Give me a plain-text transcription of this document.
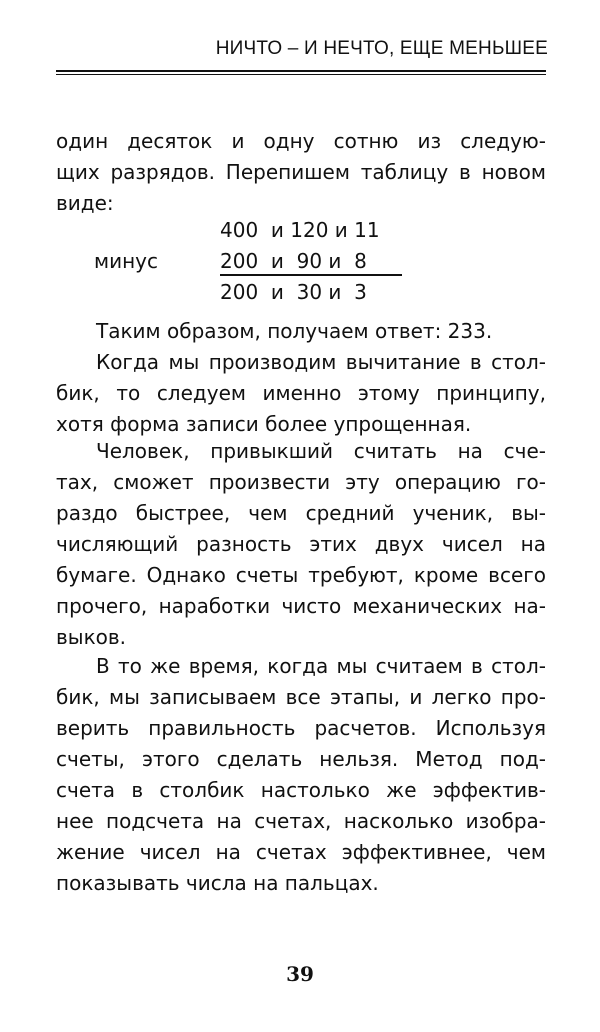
НИЧТО – И НЕЧТО, ЕЩЕ МЕНЬШЕЕ
один десяток и одну сотню из следую-
щих разрядов. Перепишем таблицу в новом
виде:
400  и 120 и 11
минус	200  и  90 и  8
200  и  30 и  3
Таким образом, получаем ответ: 233.
Когда мы производим вычитание в стол-
бик, то следуем именно этому принципу,
хотя форма записи более упрощенная.
Человек, привыкший считать на сче-
тах, сможет произвести эту операцию го-
раздо быстрее, чем средний ученик, вы-
числяющий разность этих двух чисел на
бумаге. Однако счеты требуют, кроме всего
прочего, наработки чисто механических на-
выков.
В то же время, когда мы считаем в стол-
бик, мы записываем все этапы, и легко про-
верить правильность расчетов. Используя
счеты, этого сделать нельзя. Метод под-
счета в столбик настолько же эффектив-
нее подсчета на счетах, насколько изобра-
жение чисел на счетах эффективнее, чем
показывать числа на пальцах.
39
